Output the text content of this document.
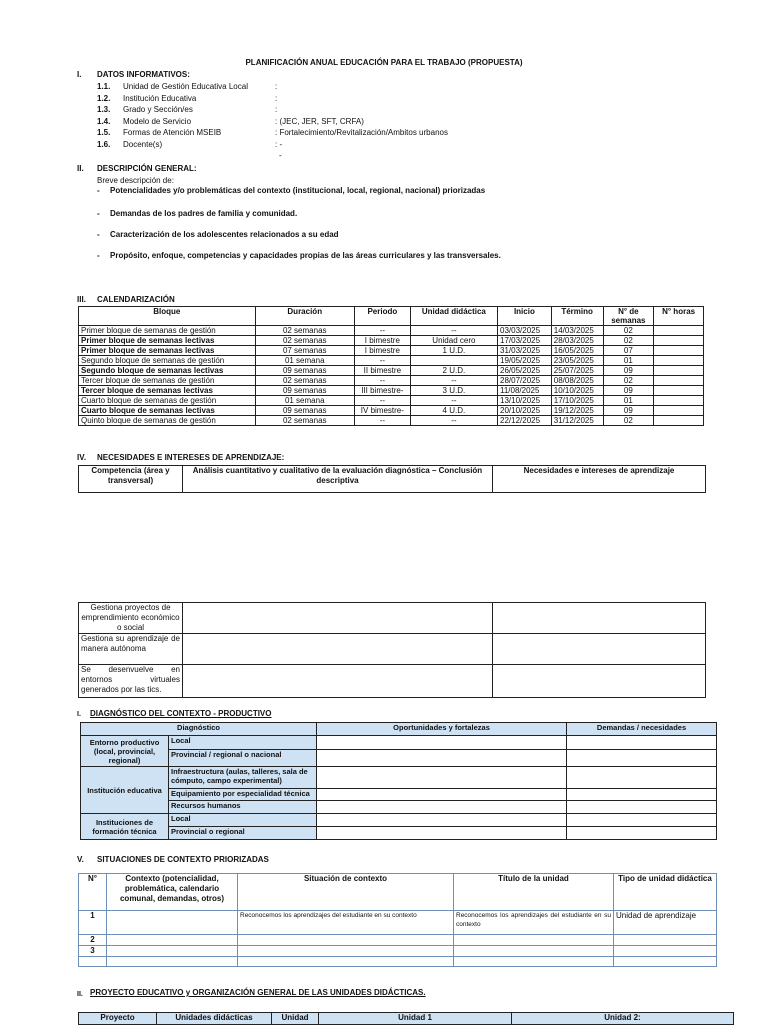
PLANIFICACIÓN ANUAL EDUCACIÓN PARA EL TRABAJO (PROPUESTA)
I. DATOS INFORMATIVOS:
1.1. Unidad de Gestión Educativa Local	:
1.2. Institución Educativa	:
1.3. Grado y Sección/es	:
1.4. Modelo de Servicio	: (JEC, JER, SFT, CRFA)
1.5. Formas de Atención MSEIB	: Fortalecimiento/Revitalización/Ambitos urbanos
1.6. Docente(s)	: -
-
II. DESCRIPCIÓN GENERAL:
Breve descripción de:
- Potencialidades y/o problemáticas del contexto (institucional, local, regional, nacional) priorizadas
- Demandas de los padres de familia y comunidad.
- Caracterización de los adolescentes relacionados a su edad
- Propósito, enfoque, competencias y capacidades propias de las áreas curriculares y las transversales.
III. CALENDARIZACIÓN
Bloque	Duración	Periodo	Unidad didáctica	Inicio	Término	N° de semanas	N° horas
Primer bloque de semanas de gestión	02 semanas	--	--	03/03/2025	14/03/2025	02	
Primer bloque de semanas lectivas	02 semanas	I bimestre	Unidad cero	17/03/2025	28/03/2025	02	
Primer bloque de semanas lectivas	07 semanas	I bimestre	1 U.D.	31/03/2025	16/05/2025	07	
Segundo bloque de semanas de gestión	01 semana	--		19/05/2025	23/05/2025	01	
Segundo bloque de semanas lectivas	09 semanas	II bimestre	2 U.D.	26/05/2025	25/07/2025	09	
Tercer bloque de semanas de gestión	02 semanas	--	--	28/07/2025	08/08/2025	02	
Tercer bloque de semanas lectivas	09 semanas	III bimestre-	3 U.D.	11/08/2025	10/10/2025	09	
Cuarto bloque de semanas de gestión	01 semana	--	--	13/10/2025	17/10/2025	01	
Cuarto bloque de semanas lectivas	09 semanas	IV bimestre-	4 U.D.	20/10/2025	19/12/2025	09	
Quinto bloque de semanas de gestión	02 semanas	--	--	22/12/2025	31/12/2025	02	
IV. NECESIDADES E INTERESES DE APRENDIZAJE:
Competencia (área y transversal)	Análisis cuantitativo y cualitativo de la evaluación diagnóstica – Conclusión descriptiva	Necesidades e intereses de aprendizaje
Gestiona proyectos de emprendimiento económico o social		
Gestiona su aprendizaje de manera autónoma		
Se desenvuelve en entornos virtuales generados por las tics.		
I. DIAGNÓSTICO DEL CONTEXTO - PRODUCTIVO
Diagnóstico		Oportunidades y fortalezas	Demandas / necesidades
Entorno productivo (local, provincial, regional)	Local		
	Provincial / regional o nacional		
Institución educativa	Infraestructura (aulas, talleres, sala de cómputo, campo experimental)		
	Equipamiento por especialidad técnica		
	Recursos humanos		
Instituciones de formación técnica	Local		
	Provincial o regional		
V. SITUACIONES DE CONTEXTO PRIORIZADAS
N°	Contexto (potencialidad, problemática, calendario comunal, demandas, otros)	Situación de contexto	Título de la unidad	Tipo de unidad didáctica
1		Reconocemos los aprendizajes del estudiante en su contexto	Reconocemos los aprendizajes del estudiante en su contexto	Unidad de aprendizaje
2				
3				

II. PROYECTO EDUCATIVO y ORGANIZACIÓN GENERAL DE LAS UNIDADES DIDÁCTICAS.
Proyecto	Unidades didácticas	Unidad	Unidad 1	Unidad 2:
